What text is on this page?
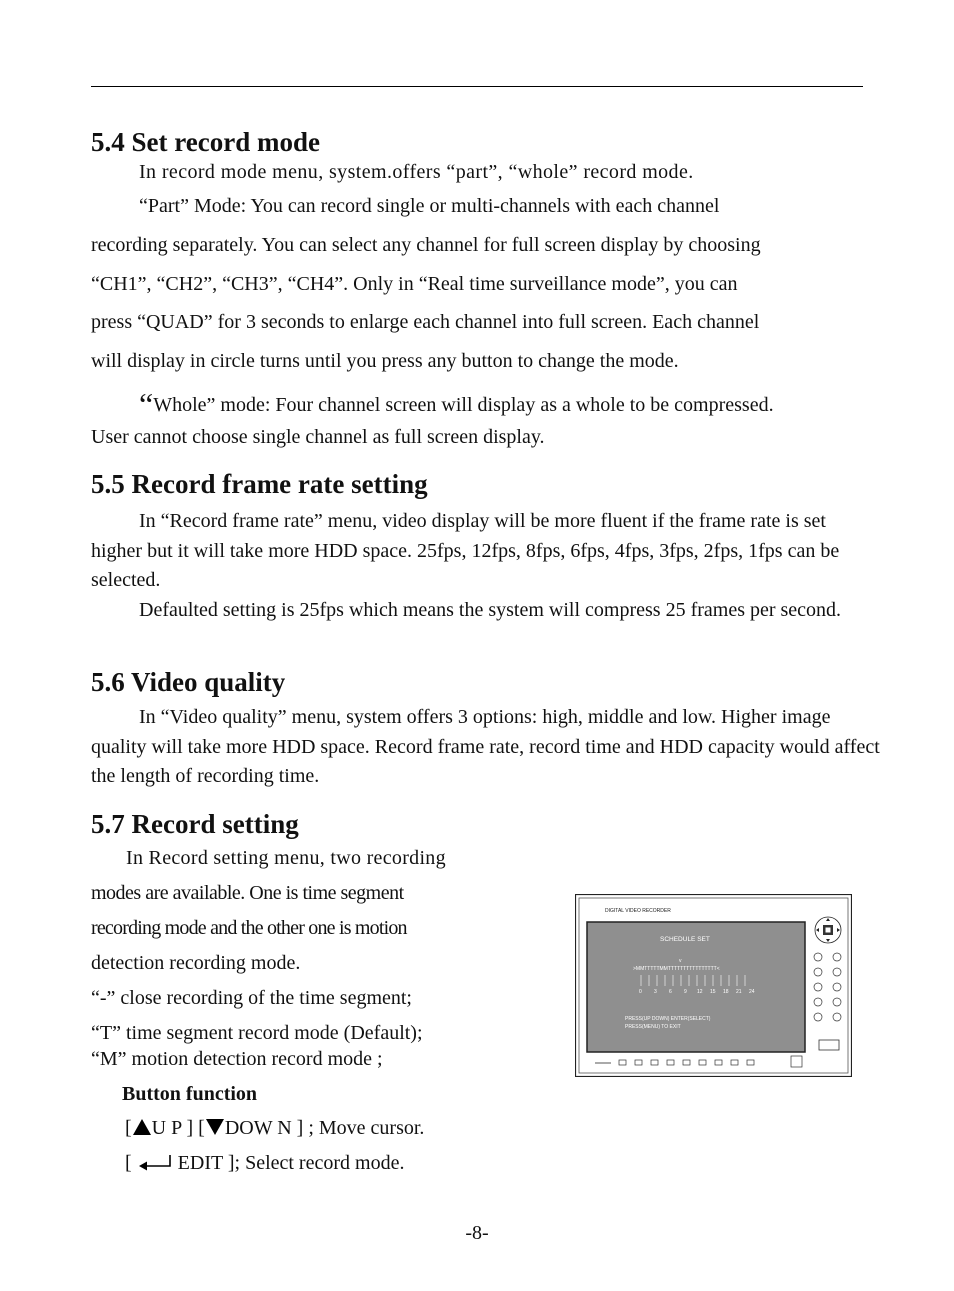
5.4 Set record mode

In record mode menu, system.offers “part”, “whole” record mode.

“Part” Mode: You can record single or multi-channels with each channel

recording separately. You can select any channel for full screen display by choosing

“CH1”, “CH2”, “CH3”, “CH4”. Only in “Real time surveillance mode”, you can

press “QUAD” for 3 seconds to enlarge each channel into full screen. Each channel

will display in circle turns until you press any button to change the mode.

“Whole” mode: Four channel screen will display as a whole to be compressed.

User cannot choose single channel as full screen display.

5.5 Record frame rate setting

In “Record frame rate” menu, video display will be more fluent if the frame rate is set higher but it will take more HDD space. 25fps, 12fps, 8fps, 6fps, 4fps, 3fps, 2fps, 1fps can be selected.

Defaulted setting is 25fps which means the system will compress 25 frames per second.

5.6 Video quality

In “Video quality” menu, system offers 3 options: high, middle and low. Higher image quality will take more HDD space. Record frame rate, record time and HDD capacity would affect the length of recording time.

5.7 Record setting

In Record setting menu, two recording

modes are available. One is time segment

recording mode and the other one is motion

detection recording mode.

“-” close recording of the time segment;

“T” time segment record mode (Default);

“M” motion detection record mode ;

Button function

[ U P ] [ DOW N ] ; Move cursor.
[ EDIT ]; Select record mode.
DIGITAL VIDEO RECORDER
SCHEDULE SET
v
>MMTTTTTMMTTTTTTTTTTTTTTTT<
0 3 6 9 12 15 18 21 24
PRESS(UP DOWN) ENTER(SELECT)
PRESS(MENU) TO EXIT
-8-
